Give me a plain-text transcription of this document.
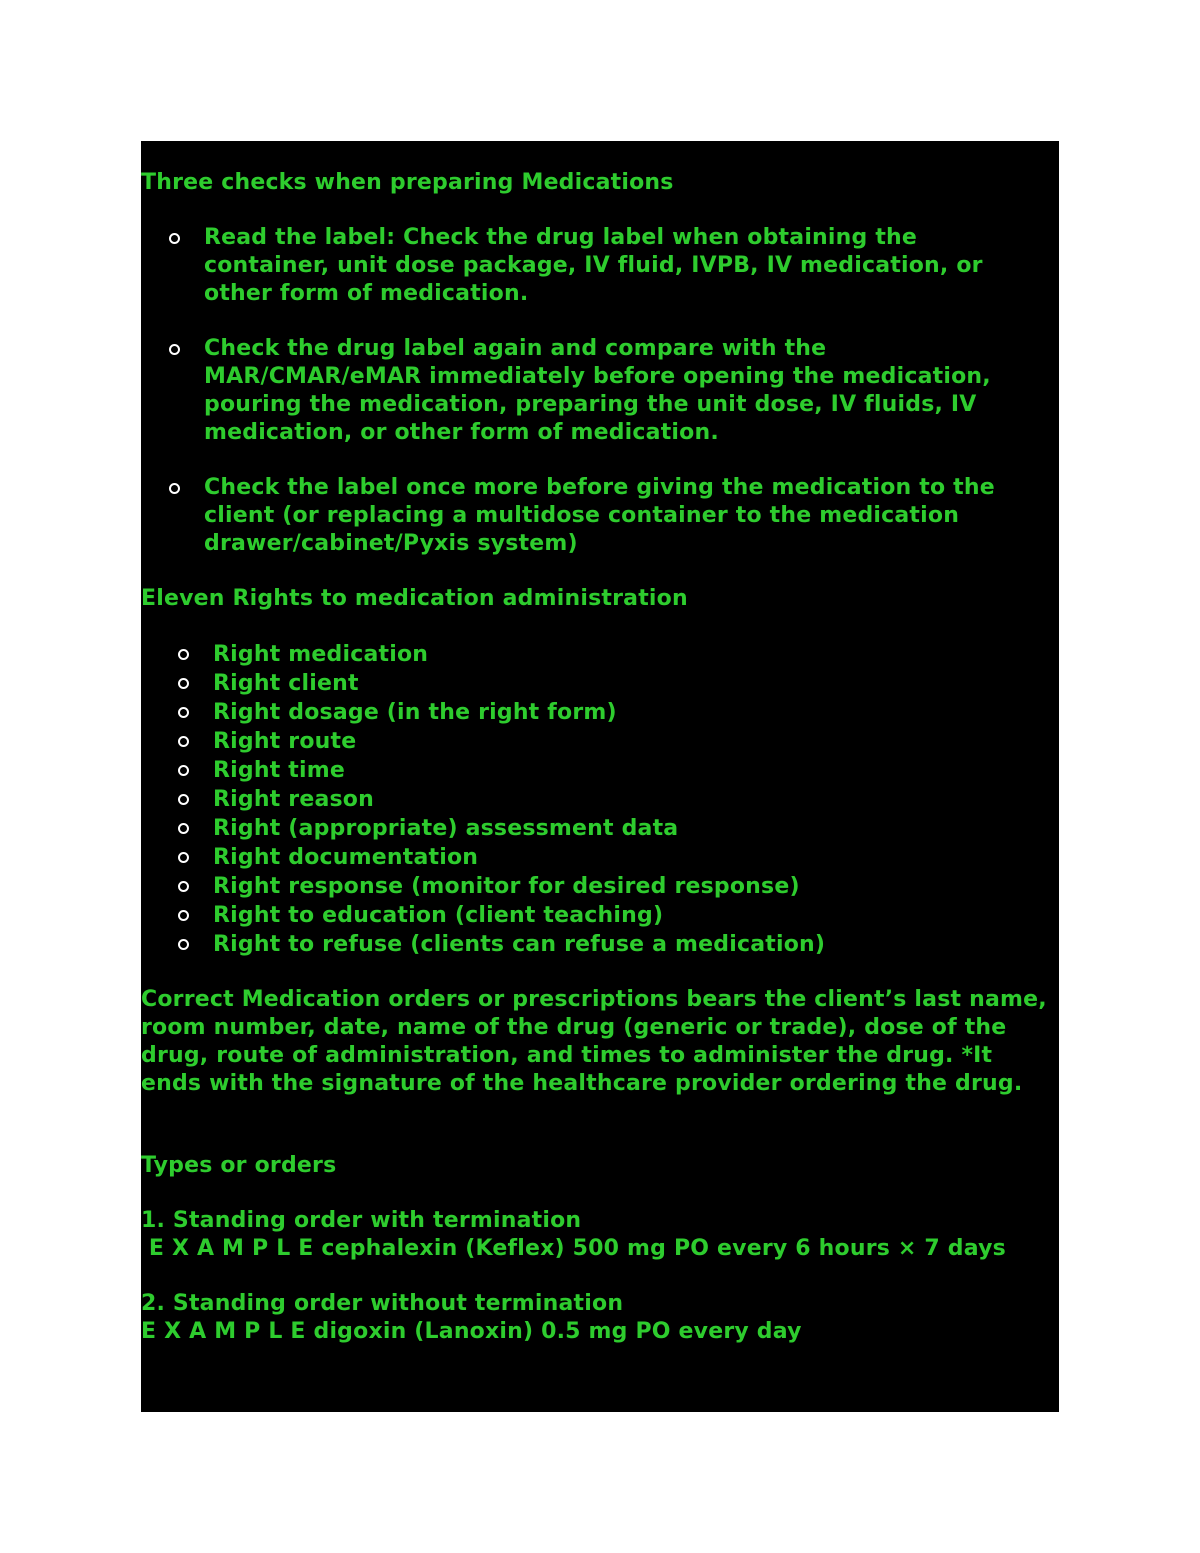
Three checks when preparing Medications

Read the label: Check the drug label when obtaining the container, unit dose package, IV fluid, IVPB, IV medication, or other form of medication.
Check the drug label again and compare with the MAR/CMAR/eMAR immediately before opening the medication, pouring the medication, preparing the unit dose, IV fluids, IV medication, or other form of medication.
Check the label once more before giving the medication to the client (or replacing a multidose container to the medication drawer/cabinet/Pyxis system)

Eleven Rights to medication administration

Right medication
Right client
Right dosage (in the right form)
Right route
Right time
Right reason
Right (appropriate) assessment data
Right documentation
Right response (monitor for desired response)
Right to education (client teaching)
Right to refuse (clients can refuse a medication)

Correct Medication orders or prescriptions bears the client’s last name, room number, date, name of the drug (generic or trade), dose of the drug, route of administration, and times to administer the drug. *It ends with the signature of the healthcare provider ordering the drug.

Types or orders

1. Standing order with termination

E X A M P L E cephalexin (Keflex) 500 mg PO every 6 hours × 7 days

2. Standing order without termination

E X A M P L E digoxin (Lanoxin) 0.5 mg PO every day
